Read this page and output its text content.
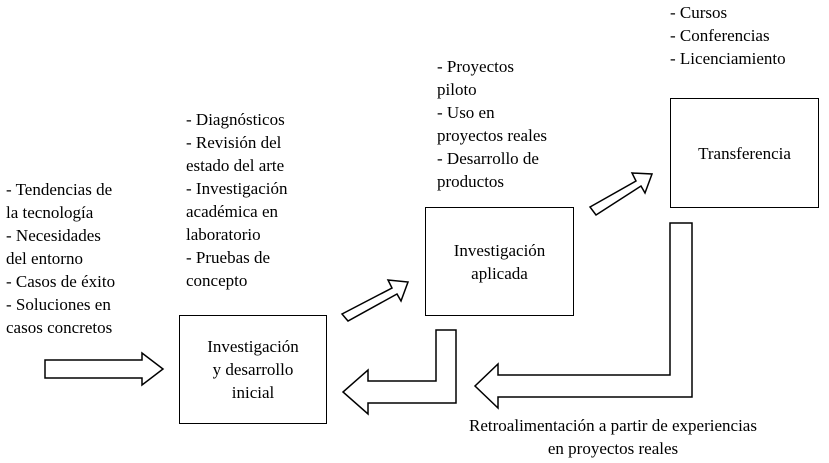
- Tendencias de
la tecnología
- Necesidades
del entorno
- Casos de éxito
- Soluciones en
casos concretos
- Diagnósticos
- Revisión del
estado del arte
- Investigación
académica en
laboratorio
- Pruebas de
concepto
- Proyectos
piloto
- Uso en
proyectos reales
- Desarrollo de
productos
- Cursos
- Conferencias
- Licenciamiento
Investigación
y desarrollo
inicial
Investigación
aplicada
Transferencia
Retroalimentación a partir de experiencias
en proyectos reales
